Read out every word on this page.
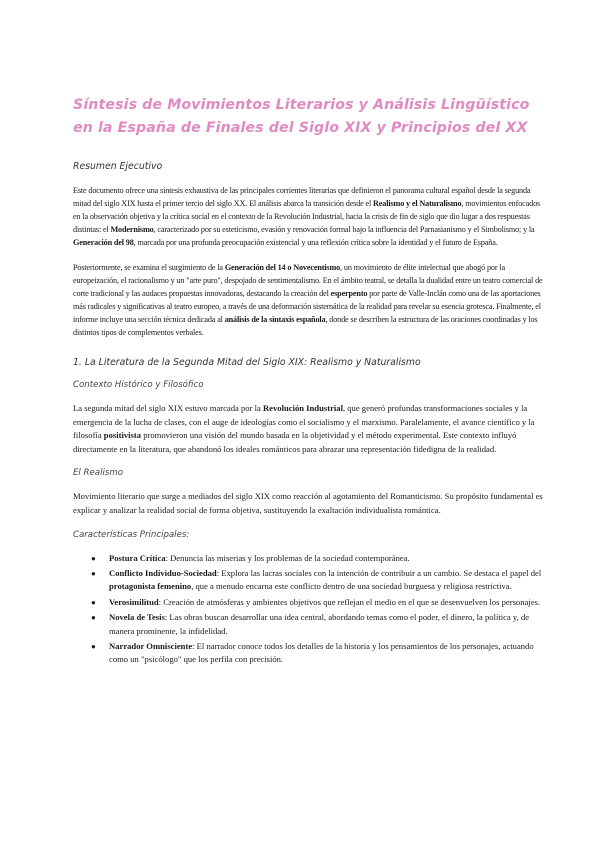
Síntesis de Movimientos Literarios y Análisis Lingüístico en la España de Finales del Siglo XIX y Principios del XX
Resumen Ejecutivo

Este documento ofrece una síntesis exhaustiva de las principales corrientes literarias que definieron el panorama cultural español desde la segunda mitad del siglo XIX hasta el primer tercio del siglo XX. El análisis abarca la transición desde el Realismo y el Naturalismo, movimientos enfocados en la observación objetiva y la crítica social en el contexto de la Revolución Industrial, hacia la crisis de fin de siglo que dio lugar a dos respuestas distintas: el Modernismo, caracterizado por su esteticismo, evasión y renovación formal bajo la influencia del Parnasianismo y el Simbolismo; y la Generación del 98, marcada por una profunda preocupación existencial y una reflexión crítica sobre la identidad y el futuro de España.

Posteriormente, se examina el surgimiento de la Generación del 14 o Novecentismo, un movimiento de élite intelectual que abogó por la europeización, el racionalismo y un "arte puro", despojado de sentimentalismo. En el ámbito teatral, se detalla la dualidad entre un teatro comercial de corte tradicional y las audaces propuestas innovadoras, destacando la creación del esperpento por parte de Valle-Inclán como una de las aportaciones más radicales y significativas al teatro europeo, a través de una deformación sistemática de la realidad para revelar su esencia grotesca. Finalmente, el informe incluye una sección técnica dedicada al análisis de la sintaxis española, donde se describen la estructura de las oraciones coordinadas y los distintos tipos de complementos verbales.

1. La Literatura de la Segunda Mitad del Siglo XIX: Realismo y Naturalismo
Contexto Histórico y Filosófico

La segunda mitad del siglo XIX estuvo marcada por la Revolución Industrial, que generó profundas transformaciones sociales y la emergencia de la lucha de clases, con el auge de ideologías como el socialismo y el marxismo. Paralelamente, el avance científico y la filosofía positivista promovieron una visión del mundo basada en la objetividad y el método experimental. Este contexto influyó directamente en la literatura, que abandonó los ideales románticos para abrazar una representación fidedigna de la realidad.

El Realismo

Movimiento literario que surge a mediados del siglo XIX como reacción al agotamiento del Romanticismo. Su propósito fundamental es explicar y analizar la realidad social de forma objetiva, sustituyendo la exaltación individualista romántica.

Características Principales:
● Postura Crítica: Denuncia las miserias y los problemas de la sociedad contemporánea.
● Conflicto Individuo-Sociedad: Explora las lacras sociales con la intención de contribuir a un cambio. Se destaca el papel del protagonista femenino, que a menudo encarna este conflicto dentro de una sociedad burguesa y religiosa restrictiva.
● Verosimilitud: Creación de atmósferas y ambientes objetivos que reflejan el medio en el que se desenvuelven los personajes.
● Novela de Tesis: Las obras buscan desarrollar una idea central, abordando temas como el poder, el dinero, la política y, de manera prominente, la infidelidad.
● Narrador Omnisciente: El narrador conoce todos los detalles de la historia y los pensamientos de los personajes, actuando como un "psicólogo" que los perfila con precisión.
